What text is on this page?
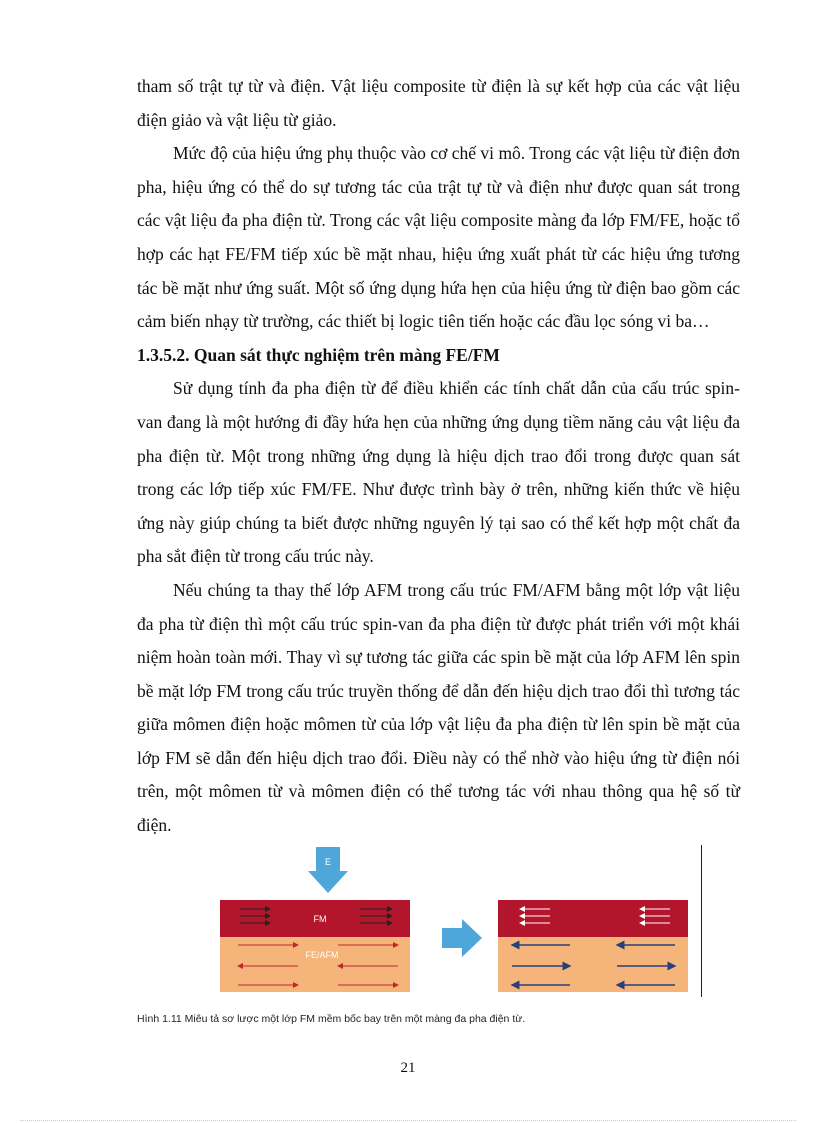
tham số trật tự từ và điện. Vật liệu composite từ điện là sự kết hợp của các vật liệu điện giảo và vật liệu từ giảo.

Mức độ của hiệu ứng phụ thuộc vào cơ chế vi mô. Trong các vật liệu từ điện đơn pha, hiệu ứng có thể do sự tương tác của trật tự từ và điện như được quan sát trong các vật liệu đa pha điện từ. Trong các vật liệu composite màng đa lớp FM/FE, hoặc tổ hợp các hạt FE/FM tiếp xúc bề mặt nhau, hiệu ứng xuất phát từ các hiệu ứng tương tác bề mặt như ứng suất. Một số ứng dụng hứa hẹn của hiệu ứng từ điện bao gồm các cảm biến nhạy từ trường, các thiết bị logic tiên tiến hoặc các đầu lọc sóng vi ba…

1.3.5.2. Quan sát thực nghiệm trên màng FE/FM

Sử dụng tính đa pha điện từ để điều khiển các tính chất dẫn của cấu trúc spin-van đang là một hướng đi đầy hứa hẹn của những ứng dụng tiềm năng cảu vật liệu đa pha điện từ. Một trong những ứng dụng là hiệu dịch trao đổi trong được quan sát trong các lớp tiếp xúc FM/FE. Như được trình bày ở trên, những kiến thức về hiệu ứng này giúp chúng ta biết được những nguyên lý tại sao có thể kết hợp một chất đa pha sắt điện từ trong cấu trúc này.

Nếu chúng ta thay thế lớp AFM trong cấu trúc FM/AFM bằng một lớp vật liệu đa pha từ điện thì một cấu trúc spin-van đa pha điện từ được phát triển với một khái niệm hoàn toàn mới. Thay vì sự tương tác giữa các spin bề mặt của lớp AFM lên spin bề mặt lớp FM trong cấu trúc truyền thống để dẫn đến hiệu dịch trao đổi thì tương tác giữa mômen điện hoặc mômen từ của lớp vật liệu đa pha điện từ lên spin bề mặt của lớp FM sẽ dẫn đến hiệu dịch trao đổi. Điều này có thể nhờ vào hiệu ứng từ điện nói trên, một mômen từ và mômen điện có thể tương tác với nhau thông qua hệ số từ điện.

E
FM
FE/AFM
Hình 1.11 Miêu tả sơ lược một lớp FM mềm bốc bay trên một màng đa pha điện từ.
21
